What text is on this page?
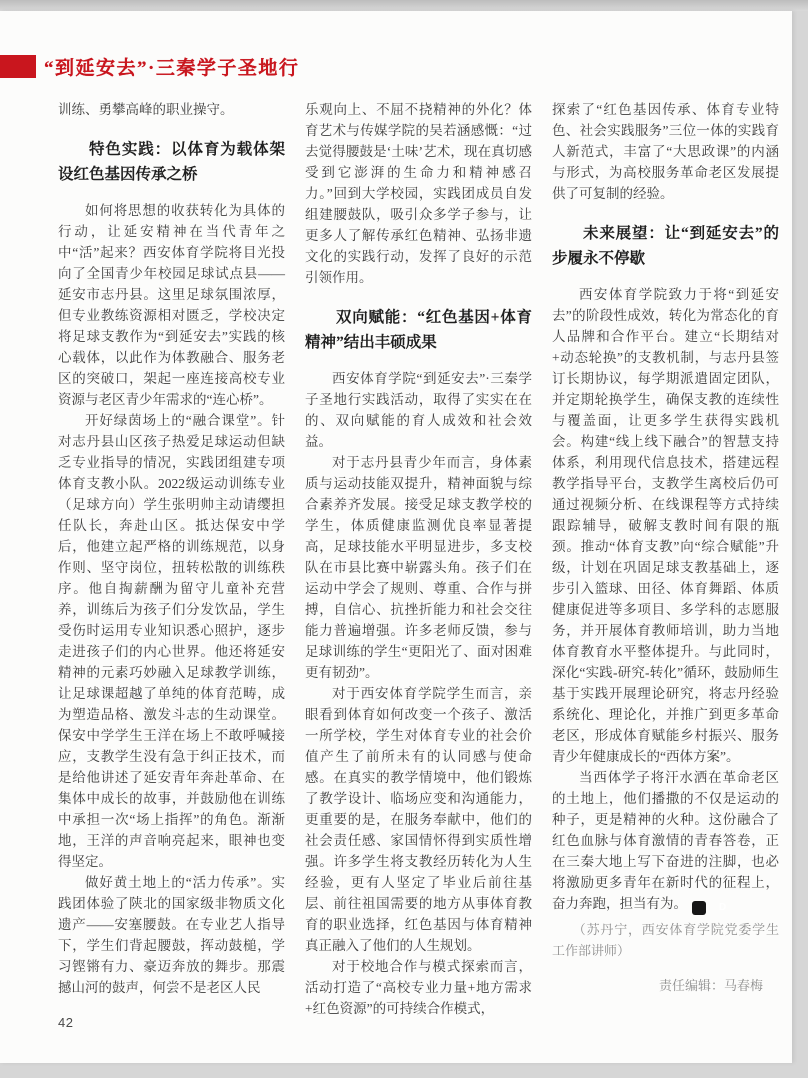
“到延安去”·三秦学子圣地行

训练、勇攀高峰的职业操守。

特色实践：以体育为载体架设红色基因传承之桥

如何将思想的收获转化为具体的行动，让延安精神在当代青年之中“活”起来？西安体育学院将目光投向了全国青少年校园足球试点县——延安市志丹县。这里足球氛围浓厚，但专业教练资源相对匮乏，学校决定将足球支教作为“到延安去”实践的核心载体，以此作为体教融合、服务老区的突破口，架起一座连接高校专业资源与老区青少年需求的“连心桥”。

开好绿茵场上的“融合课堂”。针对志丹县山区孩子热爱足球运动但缺乏专业指导的情况，实践团组建专项体育支教小队。2022级运动训练专业（足球方向）学生张明帅主动请缨担任队长，奔赴山区。抵达保安中学后，他建立起严格的训练规范，以身作则、坚守岗位，扭转松散的训练秩序。他自掏薪酬为留守儿童补充营养，训练后为孩子们分发饮品，学生受伤时运用专业知识悉心照护，逐步走进孩子们的内心世界。他还将延安精神的元素巧妙融入足球教学训练，让足球课超越了单纯的体育范畴，成为塑造品格、激发斗志的生动课堂。保安中学学生王洋在场上不敢呼喊接应，支教学生没有急于纠正技术，而是给他讲述了延安青年奔赴革命、在集体中成长的故事，并鼓励他在训练中承担一次“场上指挥”的角色。渐渐地，王洋的声音响亮起来，眼神也变得坚定。

做好黄土地上的“活力传承”。实践团体验了陕北的国家级非物质文化遗产——安塞腰鼓。在专业艺人指导下，学生们背起腰鼓，挥动鼓槌，学习铿锵有力、豪迈奔放的舞步。那震撼山河的鼓声，何尝不是老区人民

乐观向上、不屈不挠精神的外化？体育艺术与传媒学院的吴若涵感慨：“过去觉得腰鼓是‘土味’艺术，现在真切感受到它澎湃的生命力和精神感召力。”回到大学校园，实践团成员自发组建腰鼓队，吸引众多学子参与，让更多人了解传承红色精神、弘扬非遗文化的实践行动，发挥了良好的示范引领作用。

双向赋能：“红色基因+体育精神”结出丰硕成果

西安体育学院“到延安去”·三秦学子圣地行实践活动，取得了实实在在的、双向赋能的育人成效和社会效益。

对于志丹县青少年而言，身体素质与运动技能双提升，精神面貌与综合素养齐发展。接受足球支教学校的学生，体质健康监测优良率显著提高，足球技能水平明显进步，多支校队在市县比赛中崭露头角。孩子们在运动中学会了规则、尊重、合作与拼搏，自信心、抗挫折能力和社会交往能力普遍增强。许多老师反馈，参与足球训练的学生“更阳光了、面对困难更有韧劲”。

对于西安体育学院学生而言，亲眼看到体育如何改变一个孩子、激活一所学校，学生对体育专业的社会价值产生了前所未有的认同感与使命感。在真实的教学情境中，他们锻炼了教学设计、临场应变和沟通能力，更重要的是，在服务奉献中，他们的社会责任感、家国情怀得到实质性增强。许多学生将支教经历转化为人生经验，更有人坚定了毕业后前往基层、前往祖国需要的地方从事体育教育的职业选择，红色基因与体育精神真正融入了他们的人生规划。

对于校地合作与模式探索而言，活动打造了“高校专业力量+地方需求+红色资源”的可持续合作模式，

探索了“红色基因传承、体育专业特色、社会实践服务”三位一体的实践育人新范式，丰富了“大思政课”的内涵与形式，为高校服务革命老区发展提供了可复制的经验。

未来展望：让“到延安去”的步履永不停歇

西安体育学院致力于将“到延安去”的阶段性成效，转化为常态化的育人品牌和合作平台。建立“长期结对+动态轮换”的支教机制，与志丹县签订长期协议，每学期派遣固定团队，并定期轮换学生，确保支教的连续性与覆盖面，让更多学生获得实践机会。构建“线上线下融合”的智慧支持体系，利用现代信息技术，搭建远程教学指导平台，支教学生离校后仍可通过视频分析、在线课程等方式持续跟踪辅导，破解支教时间有限的瓶颈。推动“体育支教”向“综合赋能”升级，计划在巩固足球支教基础上，逐步引入篮球、田径、体育舞蹈、体质健康促进等多项目、多学科的志愿服务，并开展体育教师培训，助力当地体育教育水平整体提升。与此同时，深化“实践-研究-转化”循环，鼓励师生基于实践开展理论研究，将志丹经验系统化、理论化，并推广到更多革命老区，形成体育赋能乡村振兴、服务青少年健康成长的“西体方案”。

当西体学子将汗水洒在革命老区的土地上，他们播撒的不仅是运动的种子，更是精神的火种。这份融合了红色血脉与体育激情的青春答卷，正在三秦大地上写下奋进的注脚，也必将激励更多青年在新时代的征程上，奋力奔跑，担当有为。	D

（苏丹宁，西安体育学院党委学生工作部讲师）

责任编辑：马春梅

42
